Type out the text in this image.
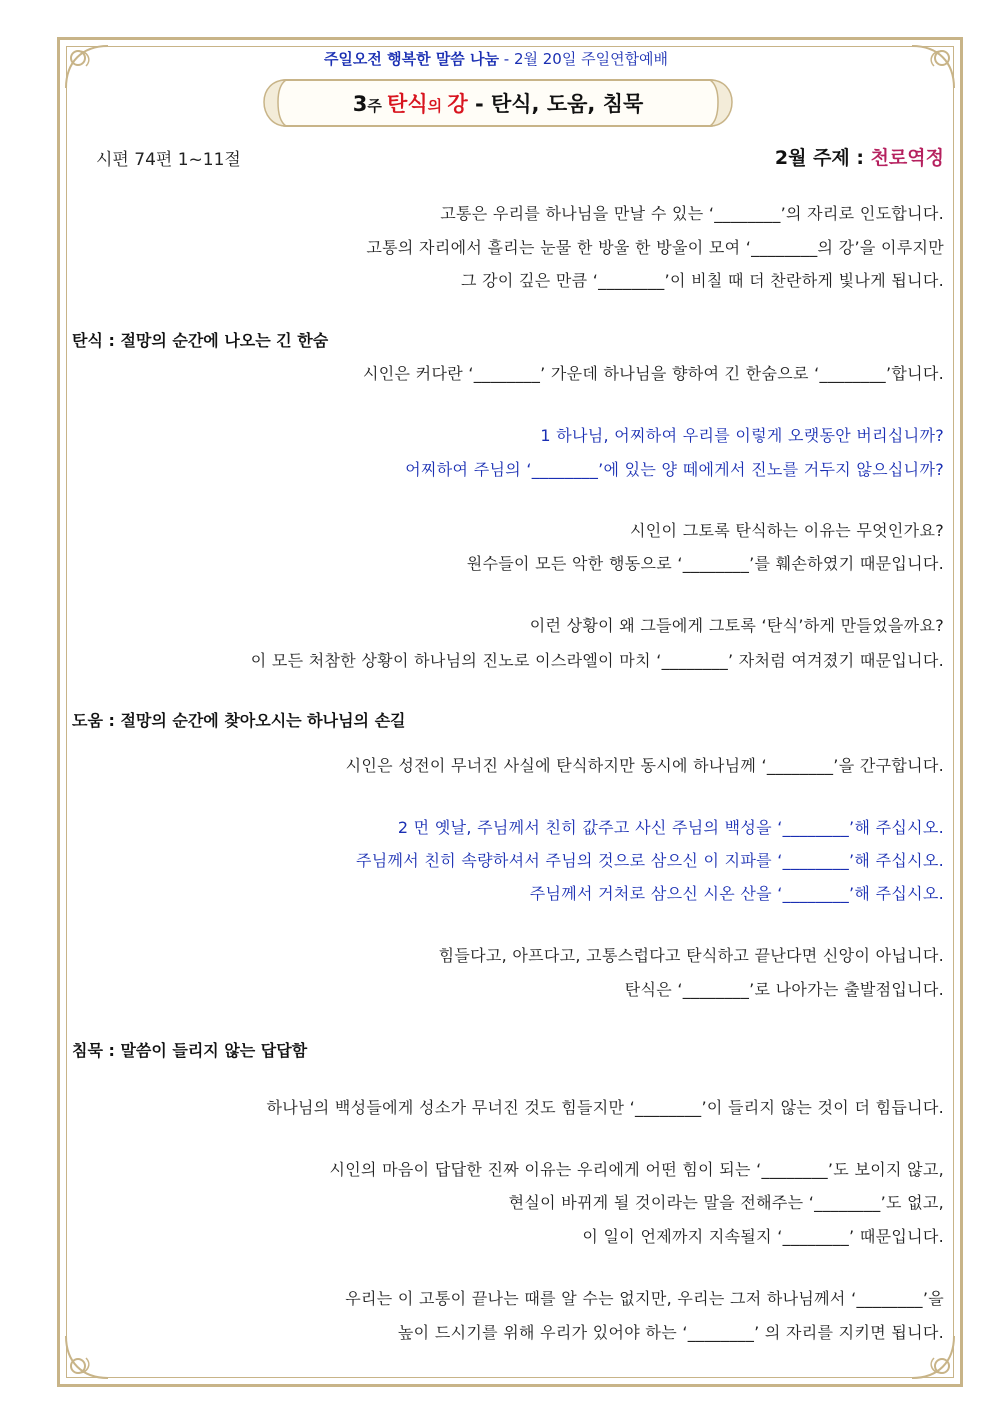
주일오전 행복한 말씀 나눔 - 2월 20일 주일연합예배
3주 탄식의 강 - 탄식, 도움, 침묵
시편 74편 1~11절	2월 주제 : 천로역정
고통은 우리를 하나님을 만날 수 있는 ‘________’의 자리로 인도합니다.
고통의 자리에서 흘리는 눈물 한 방울 한 방울이 모여 ‘________의 강’을 이루지만
그 강이 깊은 만큼 ‘________’이 비칠 때 더 찬란하게 빛나게 됩니다.
탄식 : 절망의 순간에 나오는 긴 한숨
시인은 커다란 ‘________’ 가운데 하나님을 향하여 긴 한숨으로 ‘________’합니다.
1 하나님, 어찌하여 우리를 이렇게 오랫동안 버리십니까?
어찌하여 주님의 ‘________’에 있는 양 떼에게서 진노를 거두지 않으십니까?
시인이 그토록 탄식하는 이유는 무엇인가요?
원수들이 모든 악한 행동으로 ‘________’를 훼손하였기 때문입니다.
이런 상황이 왜 그들에게 그토록 ‘탄식’하게 만들었을까요?
이 모든 처참한 상황이 하나님의 진노로 이스라엘이 마치 ‘________’ 자처럼 여겨졌기 때문입니다.
도움 : 절망의 순간에 찾아오시는 하나님의 손길
시인은 성전이 무너진 사실에 탄식하지만 동시에 하나님께 ‘________’을 간구합니다.
2 먼 옛날, 주님께서 친히 값주고 사신 주님의 백성을 ‘________’해 주십시오.
주님께서 친히 속량하셔서 주님의 것으로 삼으신 이 지파를 ‘________’해 주십시오.
주님께서 거처로 삼으신 시온 산을 ‘________’해 주십시오.
힘들다고, 아프다고, 고통스럽다고 탄식하고 끝난다면 신앙이 아닙니다.
탄식은 ‘________’로 나아가는 출발점입니다.
침묵 : 말씀이 들리지 않는 답답함
하나님의 백성들에게 성소가 무너진 것도 힘들지만 ‘________’이 들리지 않는 것이 더 힘듭니다.
시인의 마음이 답답한 진짜 이유는 우리에게 어떤 힘이 되는 ‘________’도 보이지 않고,
현실이 바뀌게 될 것이라는 말을 전해주는 ‘________’도 없고,
이 일이 언제까지 지속될지 ‘________’ 때문입니다.
우리는 이 고통이 끝나는 때를 알 수는 없지만, 우리는 그저 하나님께서 ‘________’을
높이 드시기를 위해 우리가 있어야 하는 ‘________’ 의 자리를 지키면 됩니다.
